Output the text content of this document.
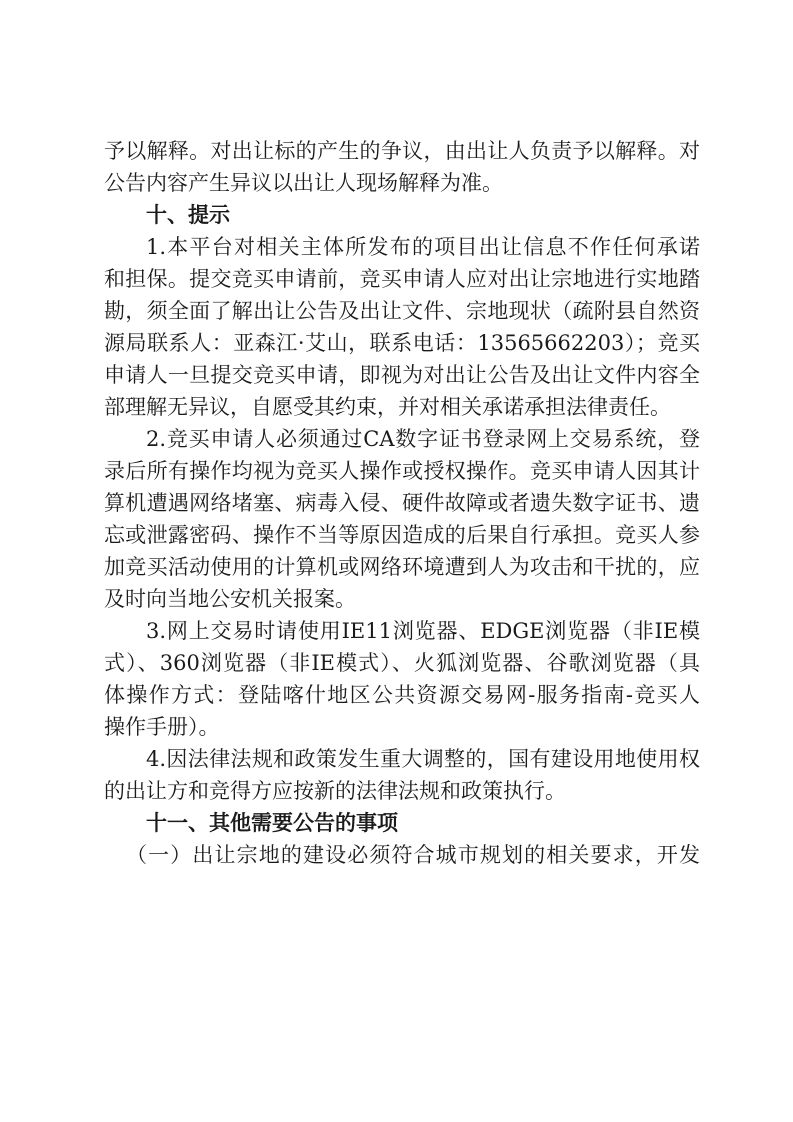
予以解释。对出让标的产生的争议，由出让人负责予以解释。对
公告内容产生异议以出让人现场解释为准。
十、提示
1.本平台对相关主体所发布的项目出让信息不作任何承诺
和担保。提交竞买申请前，竞买申请人应对出让宗地进行实地踏
勘，须全面了解出让公告及出让文件、宗地现状（疏附县自然资
源局联系人：亚森江·艾山，联系电话：13565662203）；竞买
申请人一旦提交竞买申请，即视为对出让公告及出让文件内容全
部理解无异议，自愿受其约束，并对相关承诺承担法律责任。
2.竞买申请人必须通过CA数字证书登录网上交易系统，登
录后所有操作均视为竞买人操作或授权操作。竞买申请人因其计
算机遭遇网络堵塞、病毒入侵、硬件故障或者遗失数字证书、遗
忘或泄露密码、操作不当等原因造成的后果自行承担。竞买人参
加竞买活动使用的计算机或网络环境遭到人为攻击和干扰的，应
及时向当地公安机关报案。
3.网上交易时请使用IE11浏览器、EDGE浏览器（非IE模
式）、360浏览器（非IE模式）、火狐浏览器、谷歌浏览器（具
体操作方式：登陆喀什地区公共资源交易网-服务指南-竞买人
操作手册）。
4.因法律法规和政策发生重大调整的，国有建设用地使用权
的出让方和竞得方应按新的法律法规和政策执行。
十一、其他需要公告的事项
（一）出让宗地的建设必须符合城市规划的相关要求，开发
